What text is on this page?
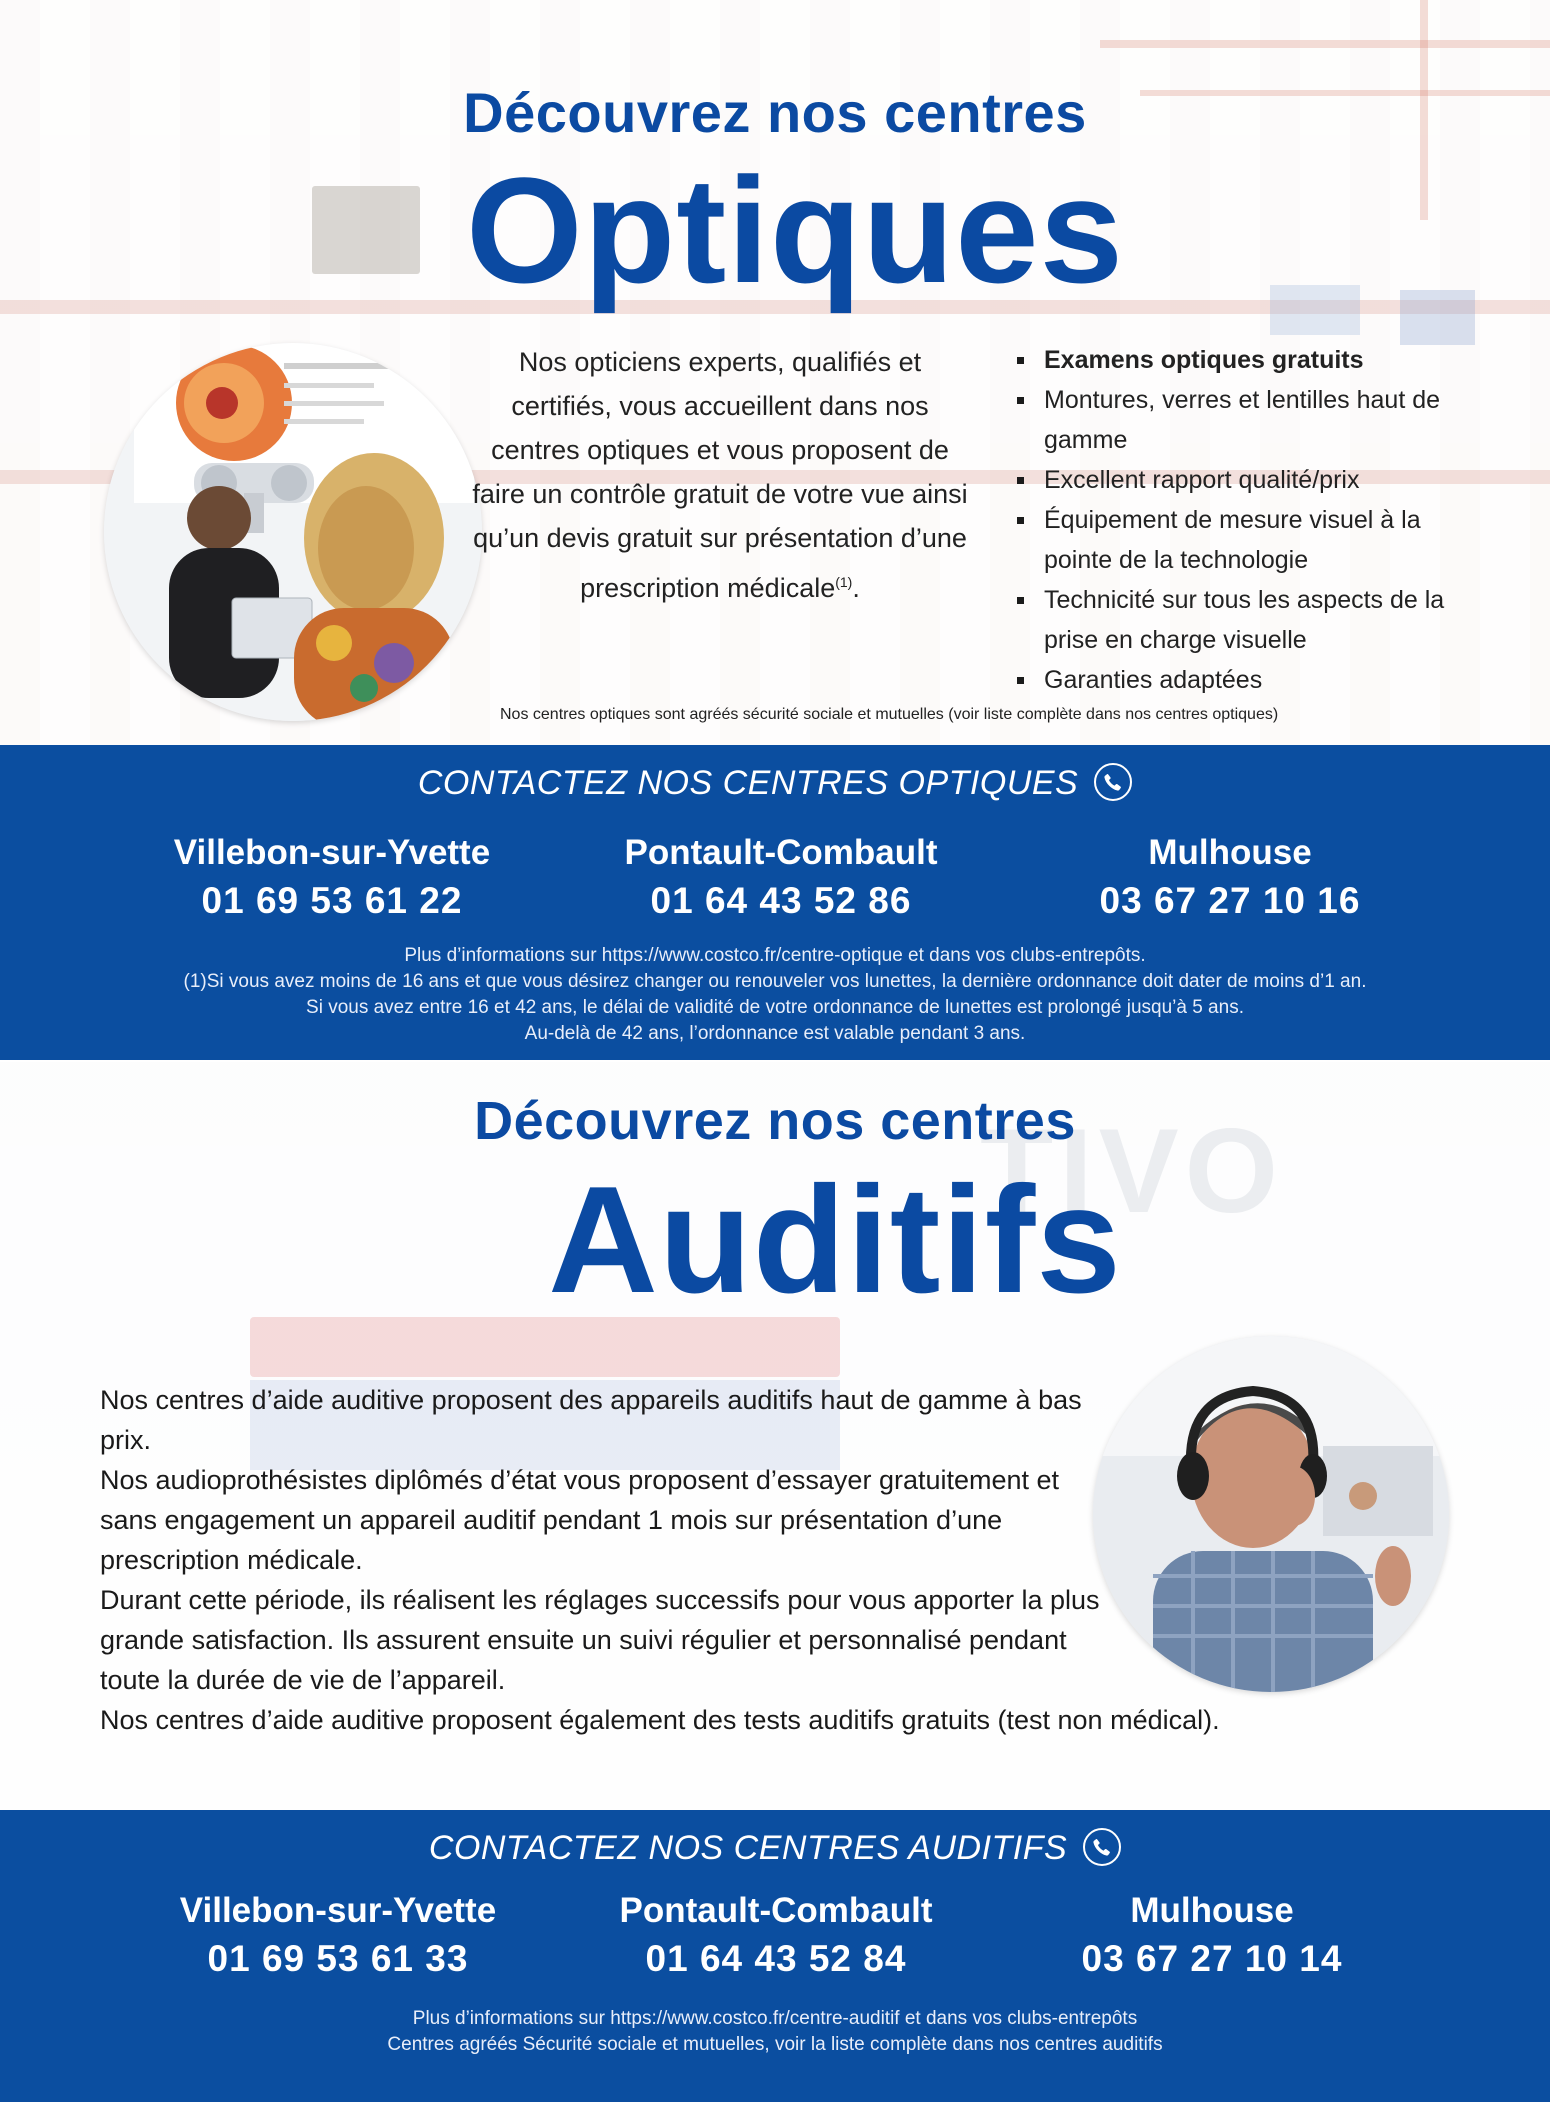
Découvrez nos centres
Optiques

Nos opticiens experts, qualifiés et certifiés, vous accueillent dans nos centres optiques et vous proposent de faire un contrôle gratuit de votre vue ainsi qu’un devis gratuit sur présentation d’une prescription médicale$^{(1)}$.

Examens optiques gratuits
Montures, verres et lentilles haut de gamme
Excellent rapport qualité/prix
Équipement de mesure visuel à la pointe de la technologie
Technicité sur tous les aspects de la prise en charge visuelle
Garanties adaptées
Nos centres optiques sont agréés sécurité sociale et mutuelles (voir liste complète dans nos centres optiques)
CONTACTEZ NOS CENTRES OPTIQUES
Villebon-sur-Yvette
01 69 53 61 22
Pontault-Combault
01 64 43 52 86
Mulhouse
03 67 27 10 16
Plus d’informations sur https://www.costco.fr/centre-optique et dans vos clubs-entrepôts.
(1)Si vous avez moins de 16 ans et que vous désirez changer ou renouveler vos lunettes, la dernière ordonnance doit dater de moins d’1 an.
Si vous avez entre 16 et 42 ans, le délai de validité de votre ordonnance de lunettes est prolongé jusqu’à 5 ans.
Au-delà de 42 ans, l’ordonnance est valable pendant 3 ans.
TIVO
Découvrez nos centres
Auditifs

Nos centres d’aide auditive proposent des appareils auditifs haut de gamme à bas prix.

Nos audioprothésistes diplômés d’état vous proposent d’essayer gratuitement et sans engagement un appareil auditif pendant 1 mois sur présentation d’une prescription médicale.

Durant cette période, ils réalisent les réglages successifs pour vous apporter la plus grande satisfaction. Ils assurent ensuite un suivi régulier et personnalisé pendant toute la durée de vie de l’appareil.

Nos centres d’aide auditive proposent également des tests auditifs gratuits (test non médical).

CONTACTEZ NOS CENTRES AUDITIFS
Villebon-sur-Yvette
01 69 53 61 33
Pontault-Combault
01 64 43 52 84
Mulhouse
03 67 27 10 14
Plus d’informations sur https://www.costco.fr/centre-auditif et dans vos clubs-entrepôts
Centres agréés Sécurité sociale et mutuelles, voir la liste complète dans nos centres auditifs
